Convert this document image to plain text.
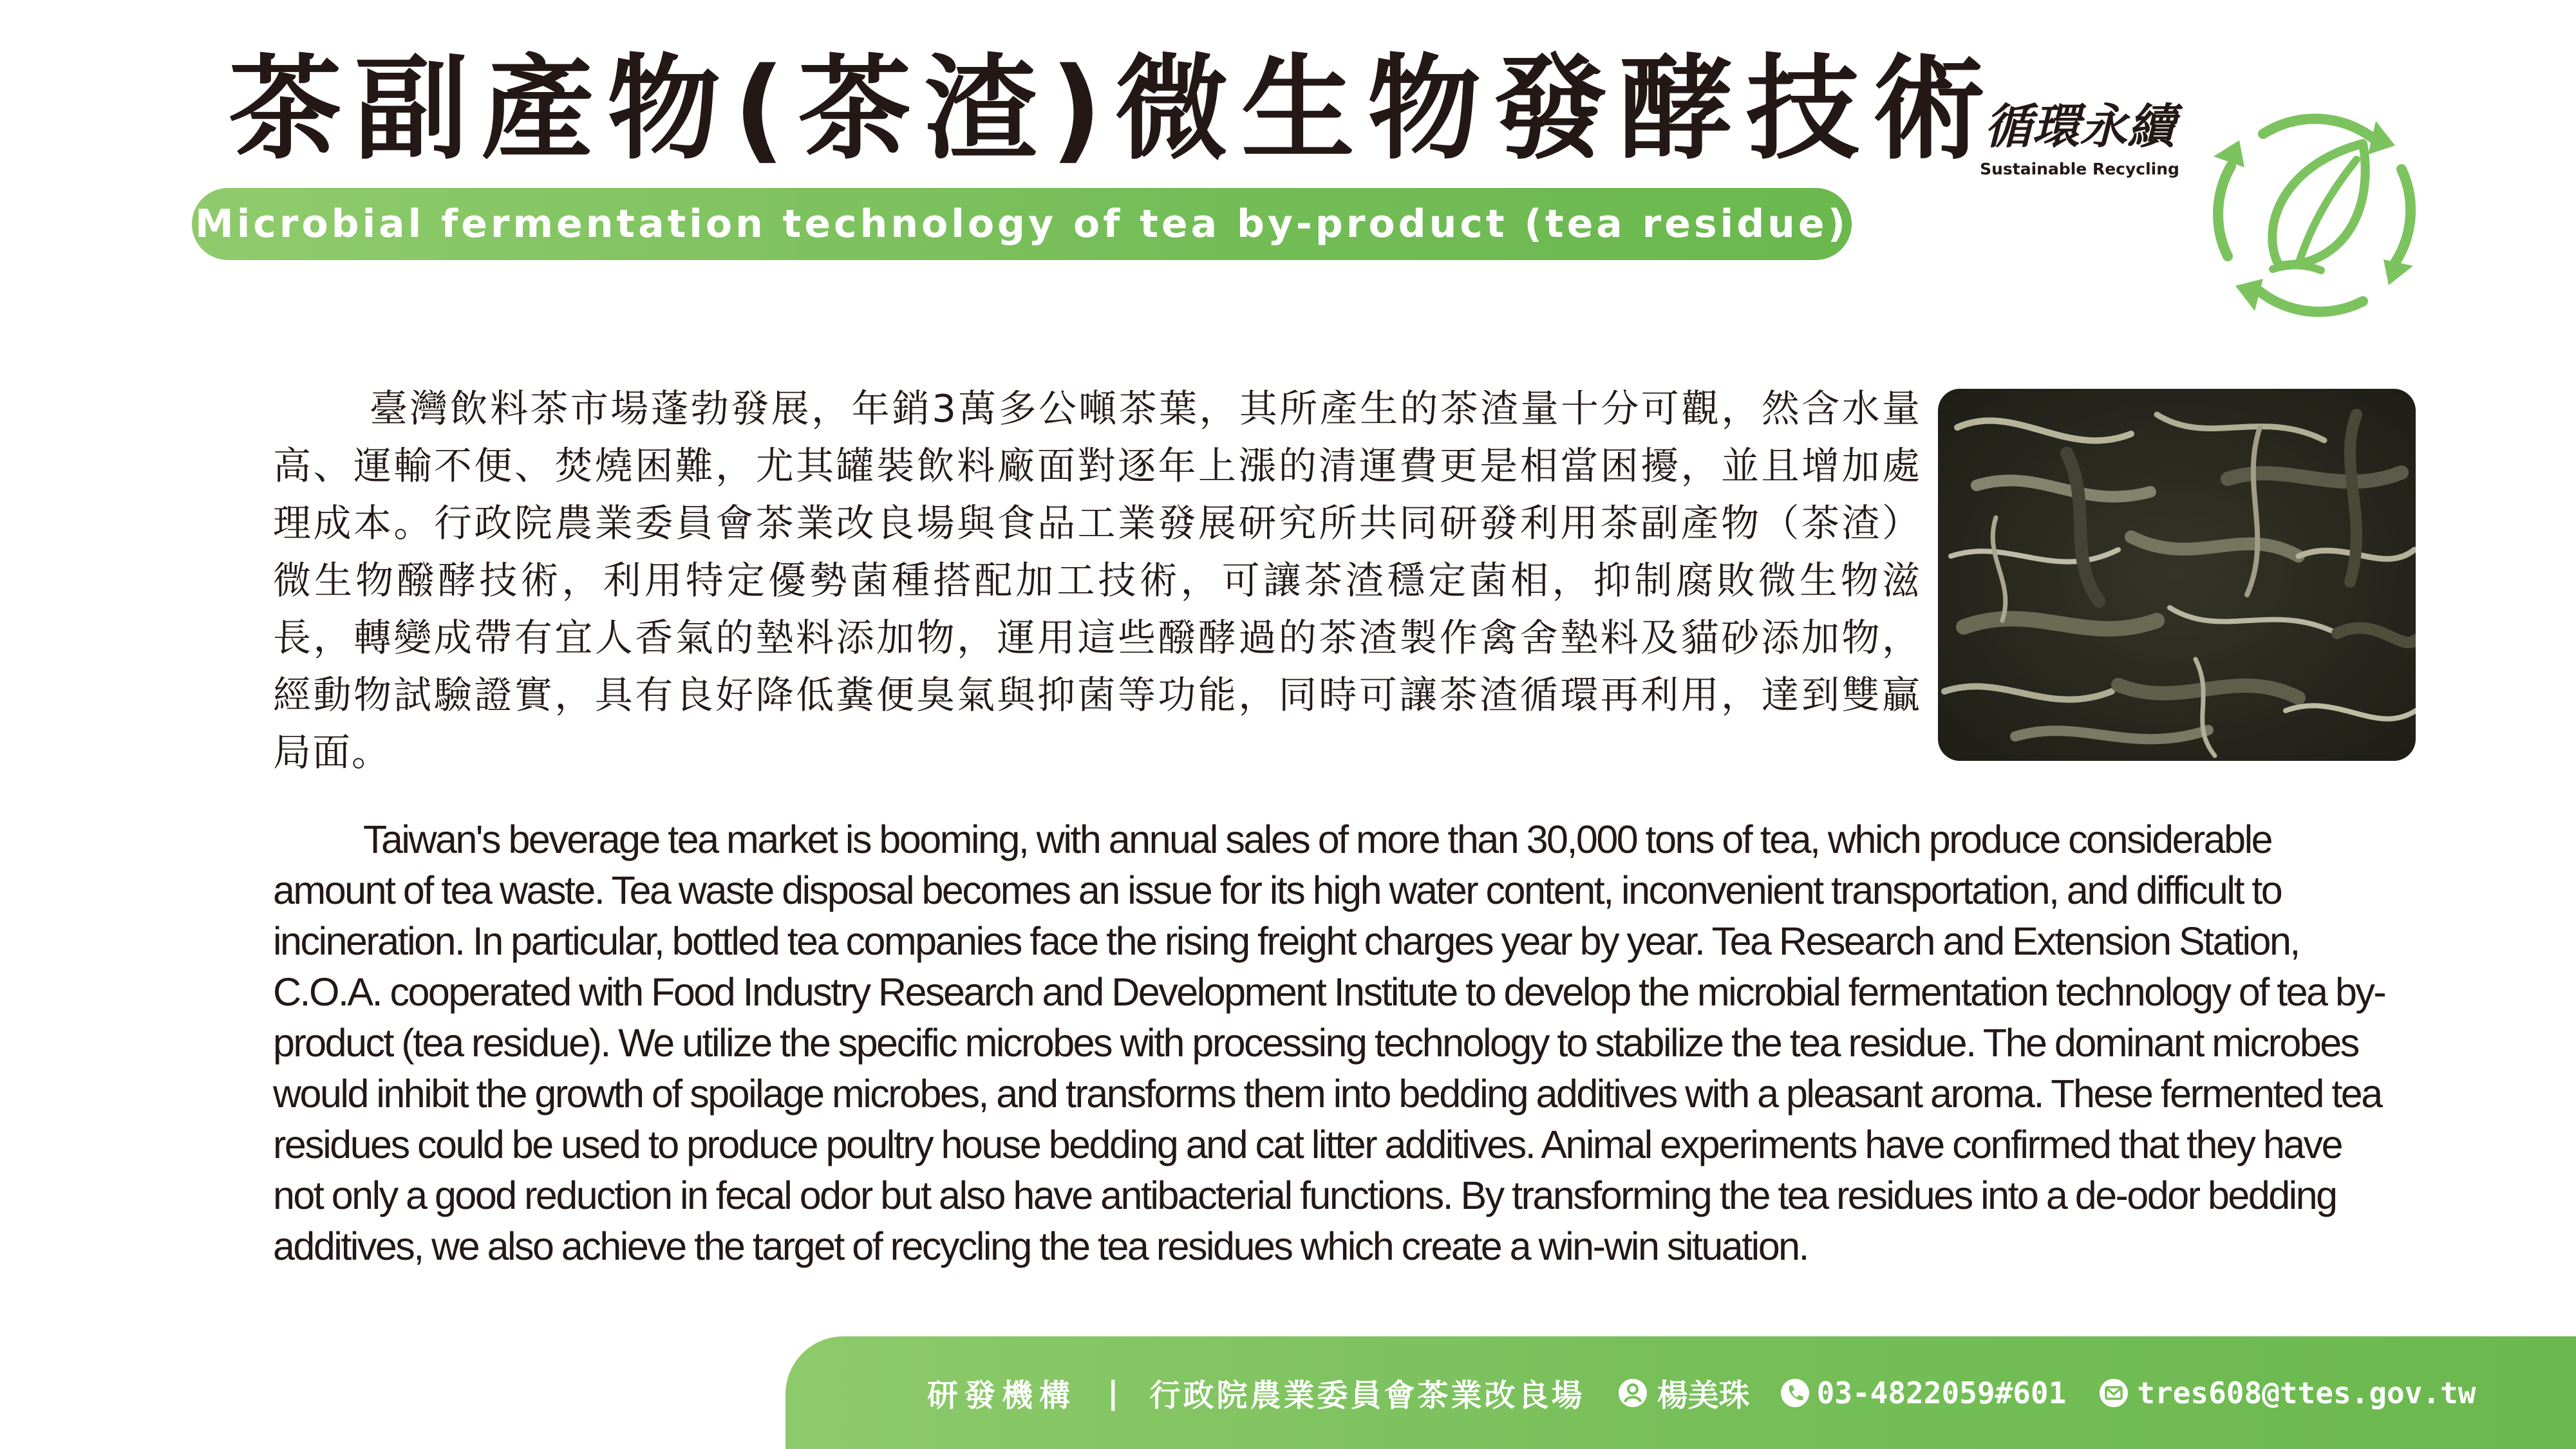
茶副產物(茶渣)微生物發酵技術
Microbial fermentation technology of tea by-product (tea residue)
循環永續
Sustainable Recycling

臺灣飲料茶市場蓬勃發展，年銷3萬多公噸茶葉，其所產生的茶渣量十分可觀，然含水量高、運輸不便、焚燒困難，尤其罐裝飲料廠面對逐年上漲的清運費更是相當困擾，並且增加處理成本。行政院農業委員會茶業改良場與食品工業發展研究所共同研發利用茶副產物（茶渣）微生物醱酵技術，利用特定優勢菌種搭配加工技術，可讓茶渣穩定菌相，抑制腐敗微生物滋長，轉變成帶有宜人香氣的墊料添加物，運用這些醱酵過的茶渣製作禽舍墊料及貓砂添加物，經動物試驗證實，具有良好降低糞便臭氣與抑菌等功能，同時可讓茶渣循環再利用，達到雙贏局面。

Taiwan's beverage tea market is booming, with annual sales of more than 30,000 tons of tea, which produce considerable amount of tea waste. Tea waste disposal becomes an issue for its high water content, inconvenient transportation, and difficult to incineration. In particular, bottled tea companies face the rising freight charges year by year. Tea Research and Extension Station, C.O.A. cooperated with Food Industry Research and Development Institute to develop the microbial fermentation technology of tea by-product (tea residue). We utilize the specific microbes with processing technology to stabilize the tea residue. The dominant microbes would inhibit the growth of spoilage microbes, and transforms them into bedding additives with a pleasant aroma. These fermented tea residues could be used to produce poultry house bedding and cat litter additives. Animal experiments have confirmed that they have not only a good reduction in fecal odor but also have antibacterial functions. By transforming the tea residues into a de-odor bedding additives, we also achieve the target of recycling the tea residues which create a win-win situation.

研發機構 | 行政院農業委員會茶業改良場 楊美珠 03-4822059#601 tres608@ttes.gov.tw
